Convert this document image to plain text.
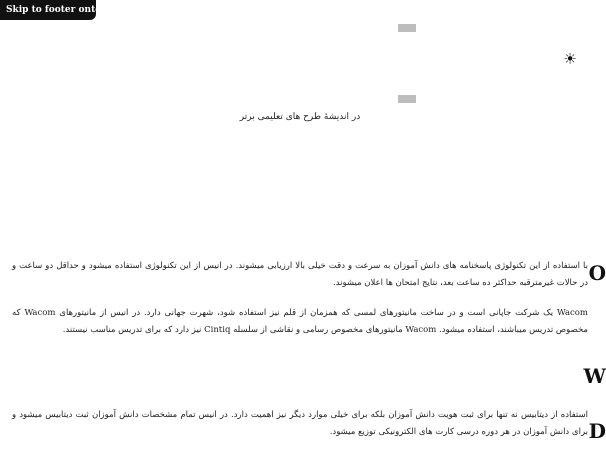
Skip to footer ontent
☀
در اندیشهٔ طرح های تعلیمی برتر
با استفاده از این تکنولوژی پاسخنامه های دانش آموزان به سرعت و دقت خیلی بالا ارزیابی میشوند. در انیس از این تکنولوژی استفاده میشود و حداقل دو ساعت و در حالات غیرمترقبه حداکثر ده ساعت بعد، نتایج امتحان ها اعلان میشوند. O
Wacom یک شرکت جاپانی است و در ساخت مانیتورهای لمسی که همزمان از قلم نیز استفاده شود، شهرت جهانی دارد. در انیس از مانیتورهای Wacom که مخصوص تدریس میباشند، استفاده میشود. Wacom مانیتورهای مخصوص رسامی و نقاشی از سلسله Cintiq نیز دارد که برای تدریس مناسب نیستند.
W
استفاده از دیتابیس نه تنها برای ثبت هویت دانش آموزان بلکه برای خیلی موارد دیگر نیز اهمیت دارد. در انیس تمام مشخصات دانش آموزان ثبت دیتابیس میشود و برای دانش آموزان در هر دوره درسی کارت های الکترونیکی توزیع میشود. D
